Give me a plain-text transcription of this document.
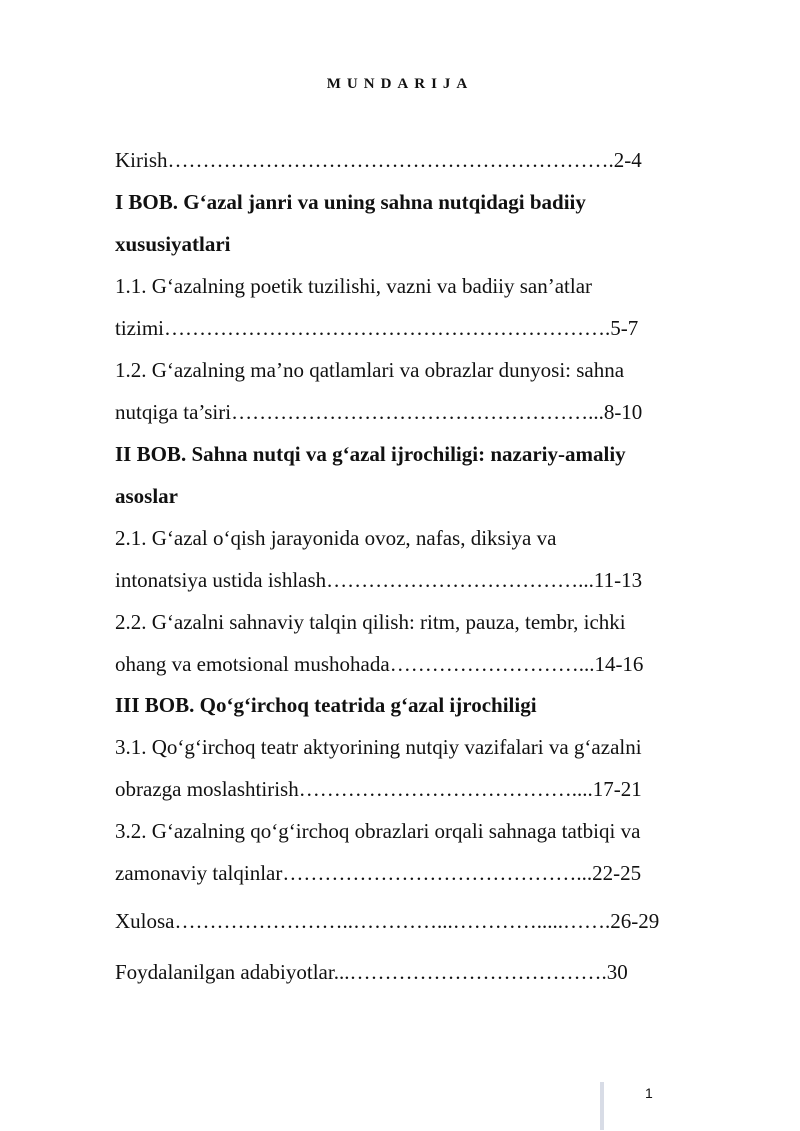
MUNDARIJA
Kirish……………………………………………………….2-4
I BOB. G‘azal janri va uning sahna nutqidagi badiiy
xususiyatlari
1.1. G‘azalning poetik tuzilishi, vazni va badiiy san’atlar
tizimi……………………………………………………….5-7
1.2. G‘azalning ma’no qatlamlari va obrazlar dunyosi: sahna
nutqiga ta’siri……………………………………………...8-10
II BOB. Sahna nutqi va g‘azal ijrochiligi: nazariy-amaliy
asoslar
2.1. G‘azal o‘qish jarayonida ovoz, nafas, diksiya va
intonatsiya ustida ishlash………………………………...11-13
2.2. G‘azalni sahnaviy talqin qilish: ritm, pauza, tembr, ichki
ohang va emotsional mushohada………………………...14-16
III BOB. Qo‘g‘irchoq teatrida g‘azal ijrochiligi
3.1. Qo‘g‘irchoq teatr aktyorining nutqiy vazifalari va g‘azalni
obrazga moslashtirish…………………………………....17-21
3.2. G‘azalning qo‘g‘irchoq obrazlari orqali sahnaga tatbiqi va
zamonaviy talqinlar……………………………………...22-25
Xulosa……………………..…………...………….....…….26-29
Foydalanilgan adabiyotlar...……………………………….30
1
